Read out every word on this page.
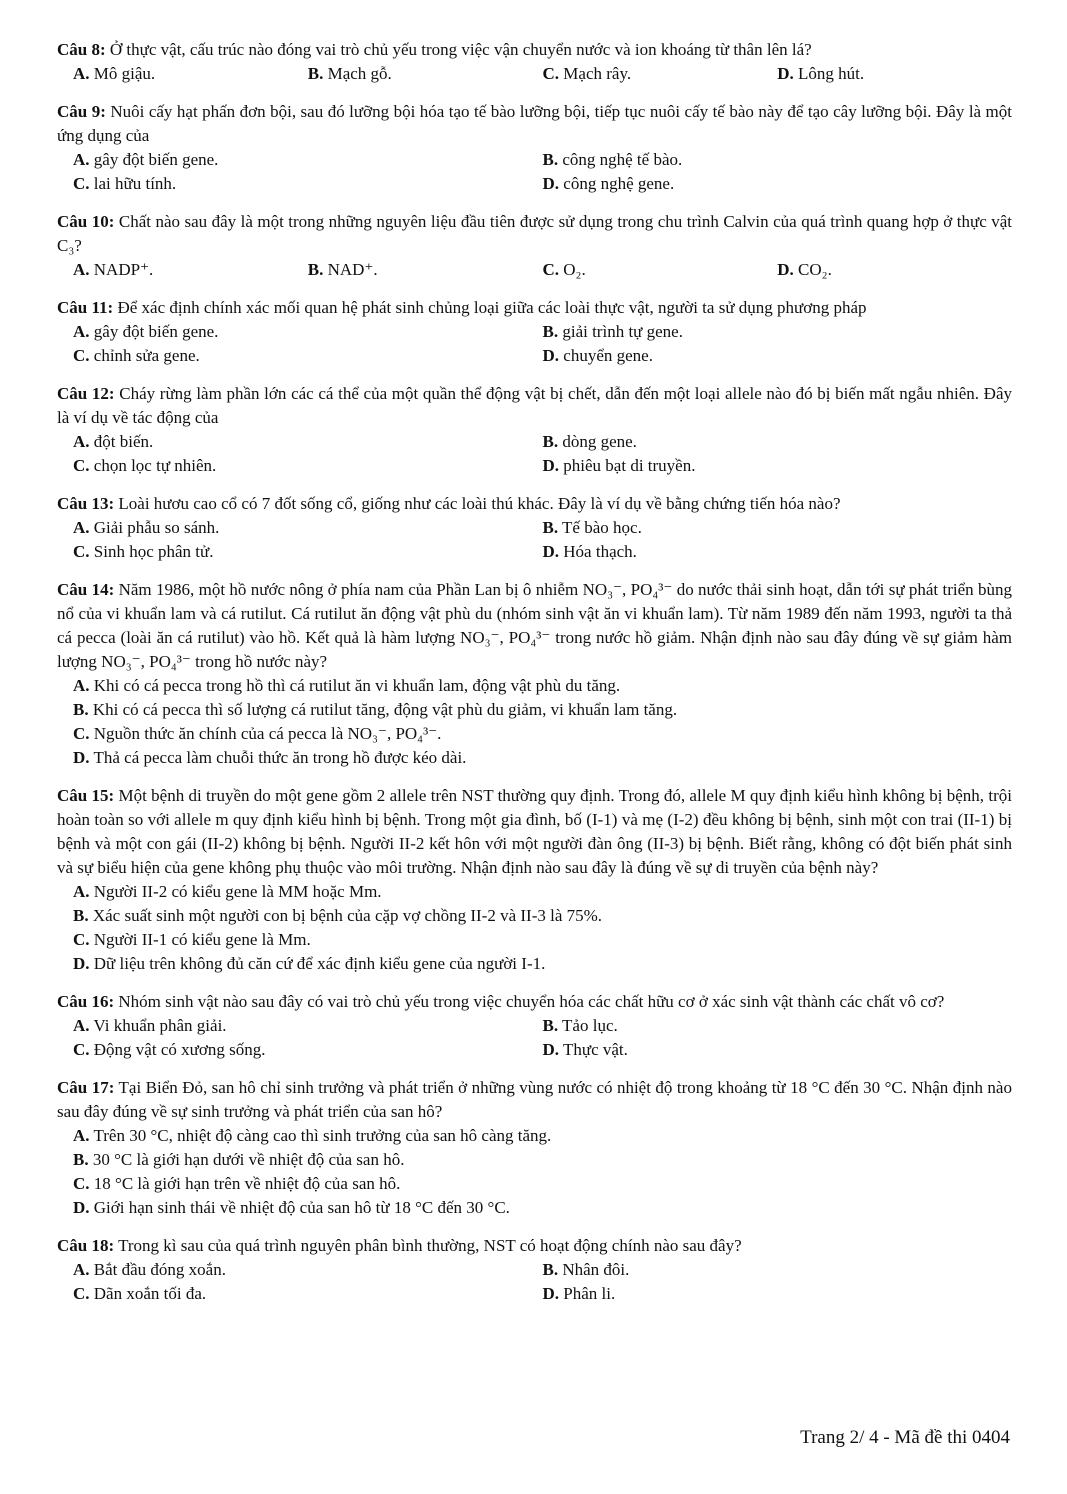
Câu 8: Ở thực vật, cấu trúc nào đóng vai trò chủ yếu trong việc vận chuyển nước và ion khoáng từ thân lên lá?
A. Mô giậu.	B. Mạch gỗ.	C. Mạch rây.	D. Lông hút.
Câu 9: Nuôi cấy hạt phấn đơn bội, sau đó lưỡng bội hóa tạo tế bào lưỡng bội, tiếp tục nuôi cấy tế bào này để tạo cây lưỡng bội. Đây là một ứng dụng của
A. gây đột biến gene.	B. công nghệ tế bào.
C. lai hữu tính.	D. công nghệ gene.
Câu 10: Chất nào sau đây là một trong những nguyên liệu đầu tiên được sử dụng trong chu trình Calvin của quá trình quang hợp ở thực vật C₃?
A. NADP⁺.	B. NAD⁺.	C. O₂.	D. CO₂.
Câu 11: Để xác định chính xác mối quan hệ phát sinh chủng loại giữa các loài thực vật, người ta sử dụng phương pháp
A. gây đột biến gene.	B. giải trình tự gene.
C. chỉnh sửa gene.	D. chuyển gene.
Câu 12: Cháy rừng làm phần lớn các cá thể của một quần thể động vật bị chết, dẫn đến một loại allele nào đó bị biến mất ngẫu nhiên. Đây là ví dụ về tác động của
A. đột biến.	B. dòng gene.
C. chọn lọc tự nhiên.	D. phiêu bạt di truyền.
Câu 13: Loài hươu cao cổ có 7 đốt sống cổ, giống như các loài thú khác. Đây là ví dụ về bằng chứng tiến hóa nào?
A. Giải phẫu so sánh.	B. Tế bào học.
C. Sinh học phân tử.	D. Hóa thạch.
Câu 14: Năm 1986, một hồ nước nông ở phía nam của Phần Lan bị ô nhiễm NO₃⁻, PO₄³⁻ do nước thải sinh hoạt, dẫn tới sự phát triển bùng nổ của vi khuẩn lam và cá rutilut. Cá rutilut ăn động vật phù du (nhóm sinh vật ăn vi khuẩn lam). Từ năm 1989 đến năm 1993, người ta thả cá pecca (loài ăn cá rutilut) vào hồ. Kết quả là hàm lượng NO₃⁻, PO₄³⁻ trong nước hồ giảm. Nhận định nào sau đây đúng về sự giảm hàm lượng NO₃⁻, PO₄³⁻ trong hồ nước này?
A. Khi có cá pecca trong hồ thì cá rutilut ăn vi khuẩn lam, động vật phù du tăng.
B. Khi có cá pecca thì số lượng cá rutilut tăng, động vật phù du giảm, vi khuẩn lam tăng.
C. Nguồn thức ăn chính của cá pecca là NO₃⁻, PO₄³⁻.
D. Thả cá pecca làm chuỗi thức ăn trong hồ được kéo dài.
Câu 15: Một bệnh di truyền do một gene gồm 2 allele trên NST thường quy định. Trong đó, allele M quy định kiểu hình không bị bệnh, trội hoàn toàn so với allele m quy định kiểu hình bị bệnh. Trong một gia đình, bố (I-1) và mẹ (I-2) đều không bị bệnh, sinh một con trai (II-1) bị bệnh và một con gái (II-2) không bị bệnh. Người II-2 kết hôn với một người đàn ông (II-3) bị bệnh. Biết rằng, không có đột biến phát sinh và sự biểu hiện của gene không phụ thuộc vào môi trường. Nhận định nào sau đây là đúng về sự di truyền của bệnh này?
A. Người II-2 có kiểu gene là MM hoặc Mm.
B. Xác suất sinh một người con bị bệnh của cặp vợ chồng II-2 và II-3 là 75%.
C. Người II-1 có kiểu gene là Mm.
D. Dữ liệu trên không đủ căn cứ để xác định kiểu gene của người I-1.
Câu 16: Nhóm sinh vật nào sau đây có vai trò chủ yếu trong việc chuyển hóa các chất hữu cơ ở xác sinh vật thành các chất vô cơ?
A. Vi khuẩn phân giải.	B. Tảo lục.
C. Động vật có xương sống.	D. Thực vật.
Câu 17: Tại Biển Đỏ, san hô chỉ sinh trưởng và phát triển ở những vùng nước có nhiệt độ trong khoảng từ 18 °C đến 30 °C. Nhận định nào sau đây đúng về sự sinh trưởng và phát triển của san hô?
A. Trên 30 °C, nhiệt độ càng cao thì sinh trưởng của san hô càng tăng.
B. 30 °C là giới hạn dưới về nhiệt độ của san hô.
C. 18 °C là giới hạn trên về nhiệt độ của san hô.
D. Giới hạn sinh thái về nhiệt độ của san hô từ 18 °C đến 30 °C.
Câu 18: Trong kì sau của quá trình nguyên phân bình thường, NST có hoạt động chính nào sau đây?
A. Bắt đầu đóng xoắn.	B. Nhân đôi.
C. Dãn xoắn tối đa.	D. Phân li.
Trang 2/ 4 - Mã đề thi 0404
